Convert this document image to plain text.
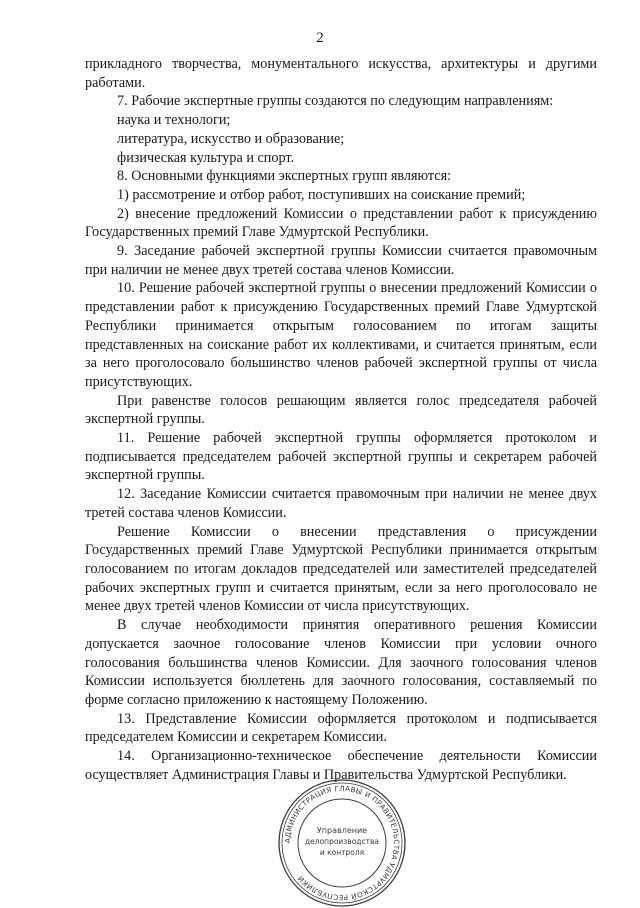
2

прикладного творчества, монументального искусства, архитектуры и другими работами.

7. Рабочие экспертные группы создаются по следующим направлениям:

наука и технологи;

литература, искусство и образование;

физическая культура и спорт.

8. Основными функциями экспертных групп являются:

1) рассмотрение и отбор работ, поступивших на соискание премий;

2) внесение предложений Комиссии о представлении работ к присуждению Государственных премий Главе Удмуртской Республики.

9. Заседание рабочей экспертной группы Комиссии считается правомочным при наличии не менее двух третей состава членов Комиссии.

10. Решение рабочей экспертной группы о внесении предложений Комиссии о представлении работ к присуждению Государственных премий Главе Удмуртской Республики принимается открытым голосованием по итогам защиты представленных на соискание работ их коллективами, и считается принятым, если за него проголосовало большинство членов рабочей экспертной группы от числа присутствующих.

При равенстве голосов решающим является голос председателя рабочей экспертной группы.

11. Решение рабочей экспертной группы оформляется протоколом и подписывается председателем рабочей экспертной группы и секретарем рабочей экспертной группы.

12. Заседание Комиссии считается правомочным при наличии не менее двух третей состава членов Комиссии.

Решение Комиссии о внесении представления о присуждении Государственных премий Главе Удмуртской Республики принимается открытым голосованием по итогам докладов председателей или заместителей председателей рабочих экспертных групп и считается принятым, если за него проголосовало не менее двух третей членов Комиссии от числа присутствующих.

В случае необходимости принятия оперативного решения Комиссии допускается заочное голосование членов Комиссии при условии очного голосования большинства членов Комиссии. Для заочного голосования членов Комиссии используется бюллетень для заочного голосования, составляемый по форме согласно приложению к настоящему Положению.

13. Представление Комиссии оформляется протоколом и подписывается председателем Комиссии и секретарем Комиссии.

14. Организационно-техническое обеспечение деятельности Комиссии осуществляет Администрация Главы и Правительства Удмуртской Республики.

АДМИНИСТРАЦИЯ ГЛАВЫ И ПРАВИТЕЛЬСТВА УДМУРТСКОЙ РЕСПУБЛИКИ
Управление
делопроизводства
и контроля
